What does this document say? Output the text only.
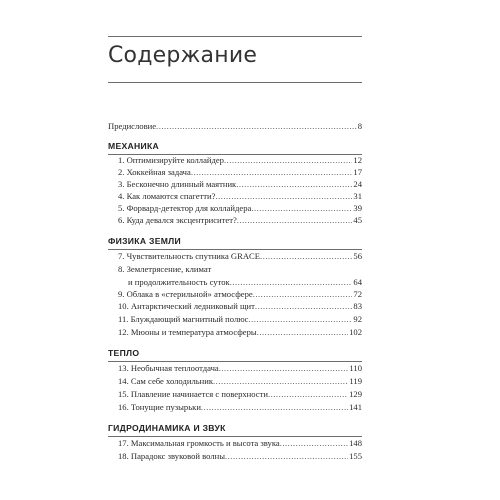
Содержание
Предисловие .....	8
МЕХАНИКА
1. Оптимизируйте коллайдер .....	12
2. Хоккейная задача .....	17
3. Бесконечно длинный маятник .....	24
4. Как ломаются спагетти? .....	31
5. Форвард-детектор для коллайдера .....	39
6. Куда девался эксцентриситет? .....	45
ФИЗИКА ЗЕМЛИ
7. Чувствительность спутника GRACE .....	56
8. Землетрясение, климат
и продолжительность суток .....	64
9. Облака в «стерильной» атмосфере .....	72
10. Антарктический ледниковый щит .....	83
11. Блуждающий магнитный полюс .....	92
12. Мюоны и температура атмосферы .....	102
ТЕПЛО
13. Необычная теплоотдача .....	110
14. Сам себе холодильник .....	119
15. Плавление начинается с поверхности .....	129
16. Тонущие пузырьки .....	141
ГИДРОДИНАМИКА И ЗВУК
17. Максимальная громкость и высота звука .....	148
18. Парадокс звуковой волны .....	155
